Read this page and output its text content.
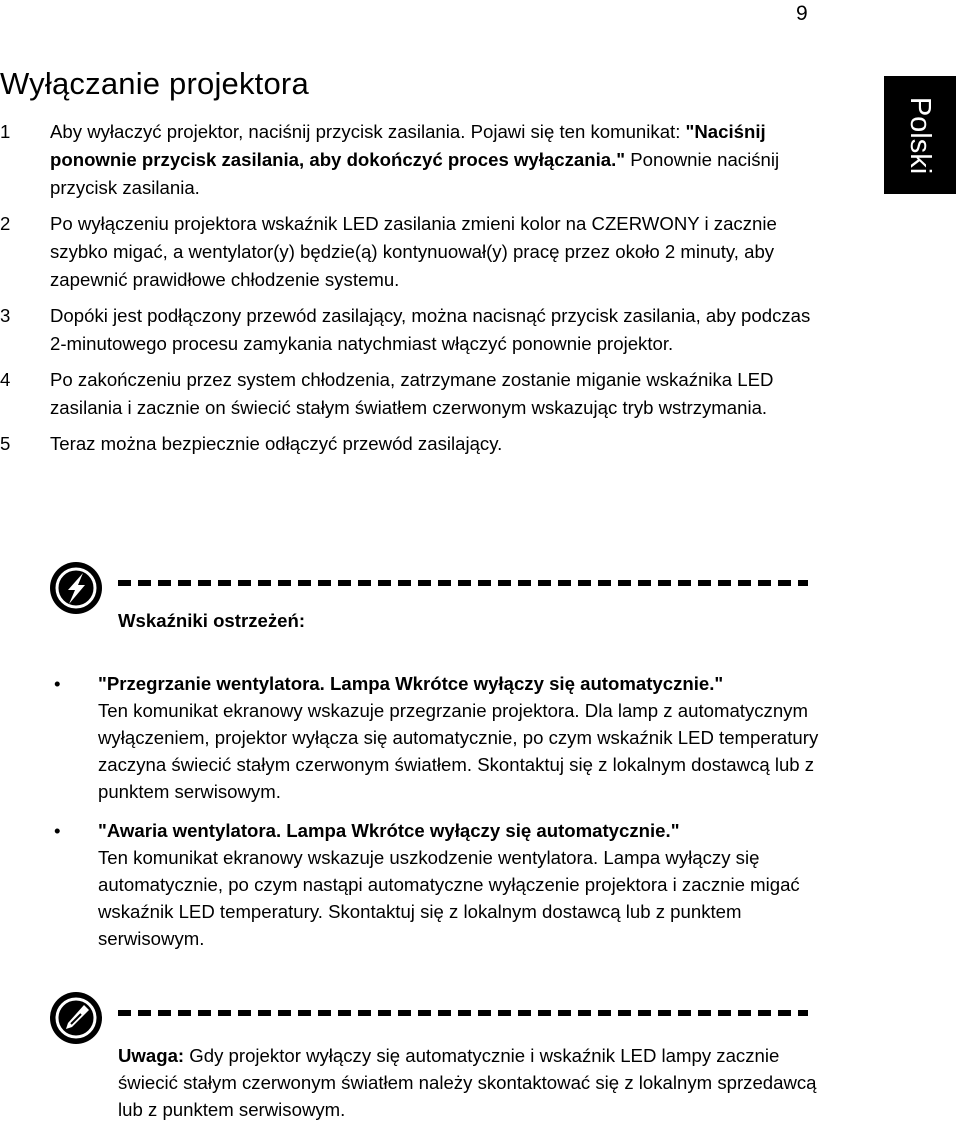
9
Polski
Wyłączanie projektora
1 Aby wyłaczyć projektor, naciśnij przycisk zasilania. Pojawi się ten komunikat: "Naciśnij ponownie przycisk zasilania, aby dokończyć proces wyłączania." Ponownie naciśnij przycisk zasilania.
2 Po wyłączeniu projektora wskaźnik LED zasilania zmieni kolor na CZERWONY i zacznie szybko migać, a wentylator(y) będzie(ą) kontynuował(y) pracę przez około 2 minuty, aby zapewnić prawidłowe chłodzenie systemu.
3 Dopóki jest podłączony przewód zasilający, można nacisnąć przycisk zasilania, aby podczas 2-minutowego procesu zamykania natychmiast włączyć ponownie projektor.
4 Po zakończeniu przez system chłodzenia, zatrzymane zostanie miganie wskaźnika LED zasilania i zacznie on świecić stałym światłem czerwonym wskazując tryb wstrzymania.
5 Teraz można bezpiecznie odłączyć przewód zasilający.
Wskaźniki ostrzeżeń:
• "Przegrzanie wentylatora. Lampa Wkrótce wyłączy się automatycznie."
Ten komunikat ekranowy wskazuje przegrzanie projektora. Dla lamp z automatycznym wyłączeniem, projektor wyłącza się automatycznie, po czym wskaźnik LED temperatury zaczyna świecić stałym czerwonym światłem. Skontaktuj się z lokalnym dostawcą lub z punktem serwisowym.
• "Awaria wentylatora. Lampa Wkrótce wyłączy się automatycznie."
Ten komunikat ekranowy wskazuje uszkodzenie wentylatora. Lampa wyłączy się automatycznie, po czym nastąpi automatyczne wyłączenie projektora i zacznie migać wskaźnik LED temperatury. Skontaktuj się z lokalnym dostawcą lub z punktem serwisowym.
Uwaga: Gdy projektor wyłączy się automatycznie i wskaźnik LED lampy zacznie świecić stałym czerwonym światłem należy skontaktować się z lokalnym sprzedawcą lub z punktem serwisowym.
